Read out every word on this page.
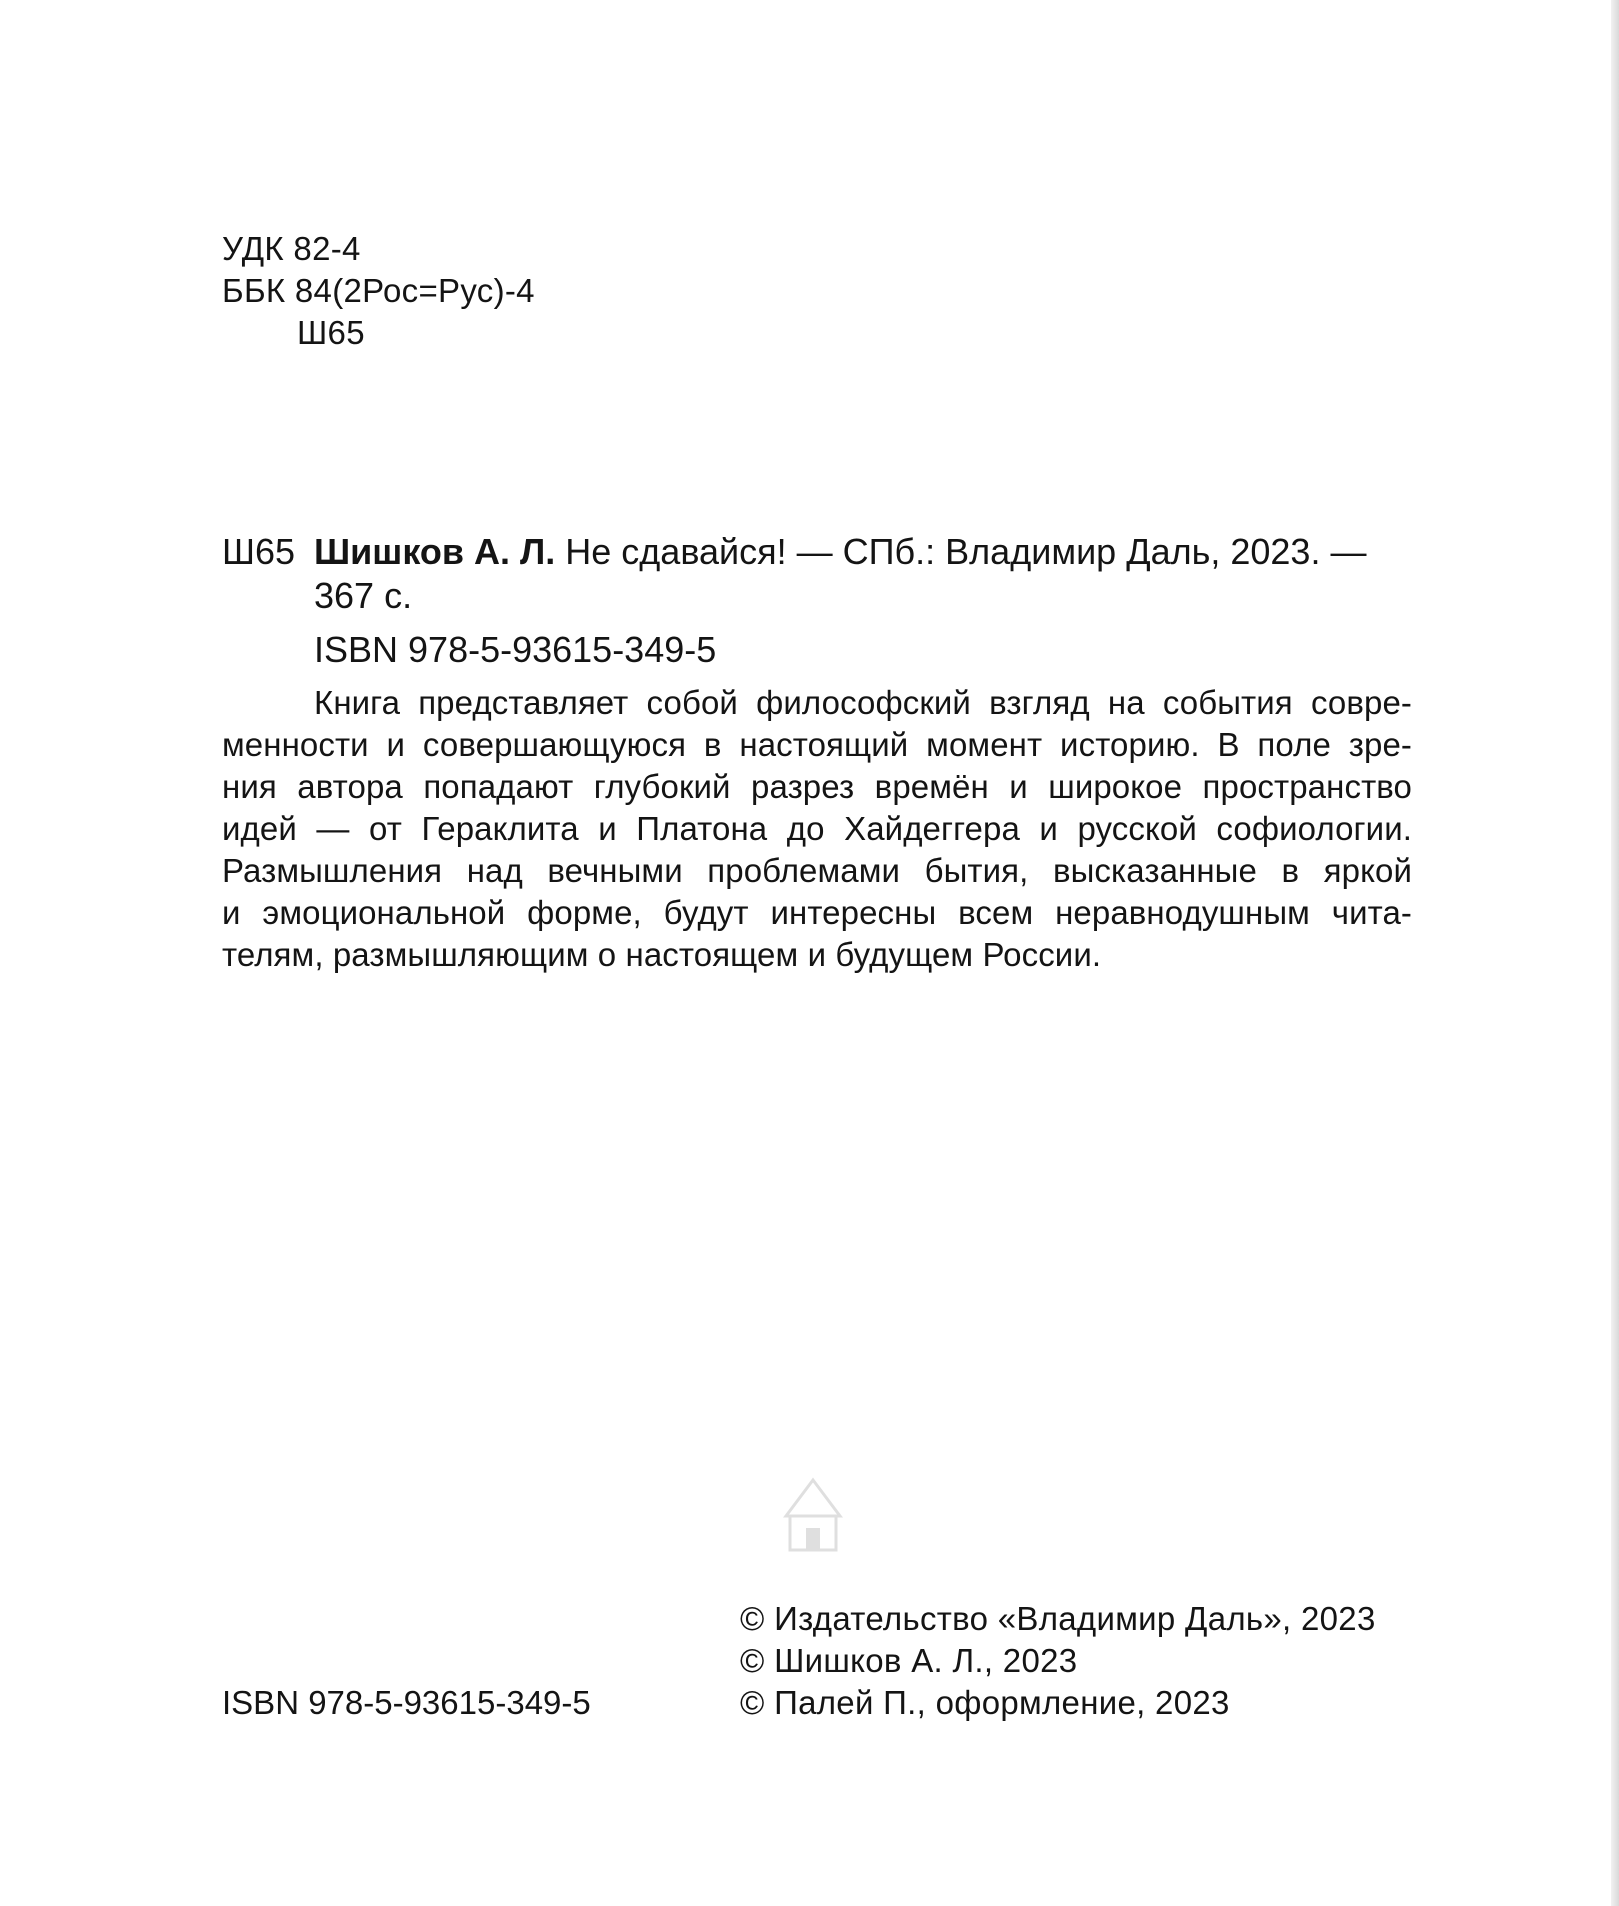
УДК 82-4
ББК 84(2Рос=Рус)-4
Ш65
Ш65 Шишков А. Л. Не сдавайся! — СПб.: Владимир Даль, 2023. —
367 с.
ISBN 978-5-93615-349-5
Книга представляет собой философский взгляд на события совре-
менности и совершающуюся в настоящий момент историю. В поле зре-
ния автора попадают глубокий разрез времён и широкое пространство
идей — от Гераклита и Платона до Хайдеггера и русской софиологии.
Размышления над вечными проблемами бытия, высказанные в яркой
и эмоциональной форме, будут интересны всем неравнодушным чита-
телям, размышляющим о настоящем и будущем России.
ISBN 978-5-93615-349-5
© Издательство «Владимир Даль», 2023
© Шишков А. Л., 2023
© Палей П., оформление, 2023
